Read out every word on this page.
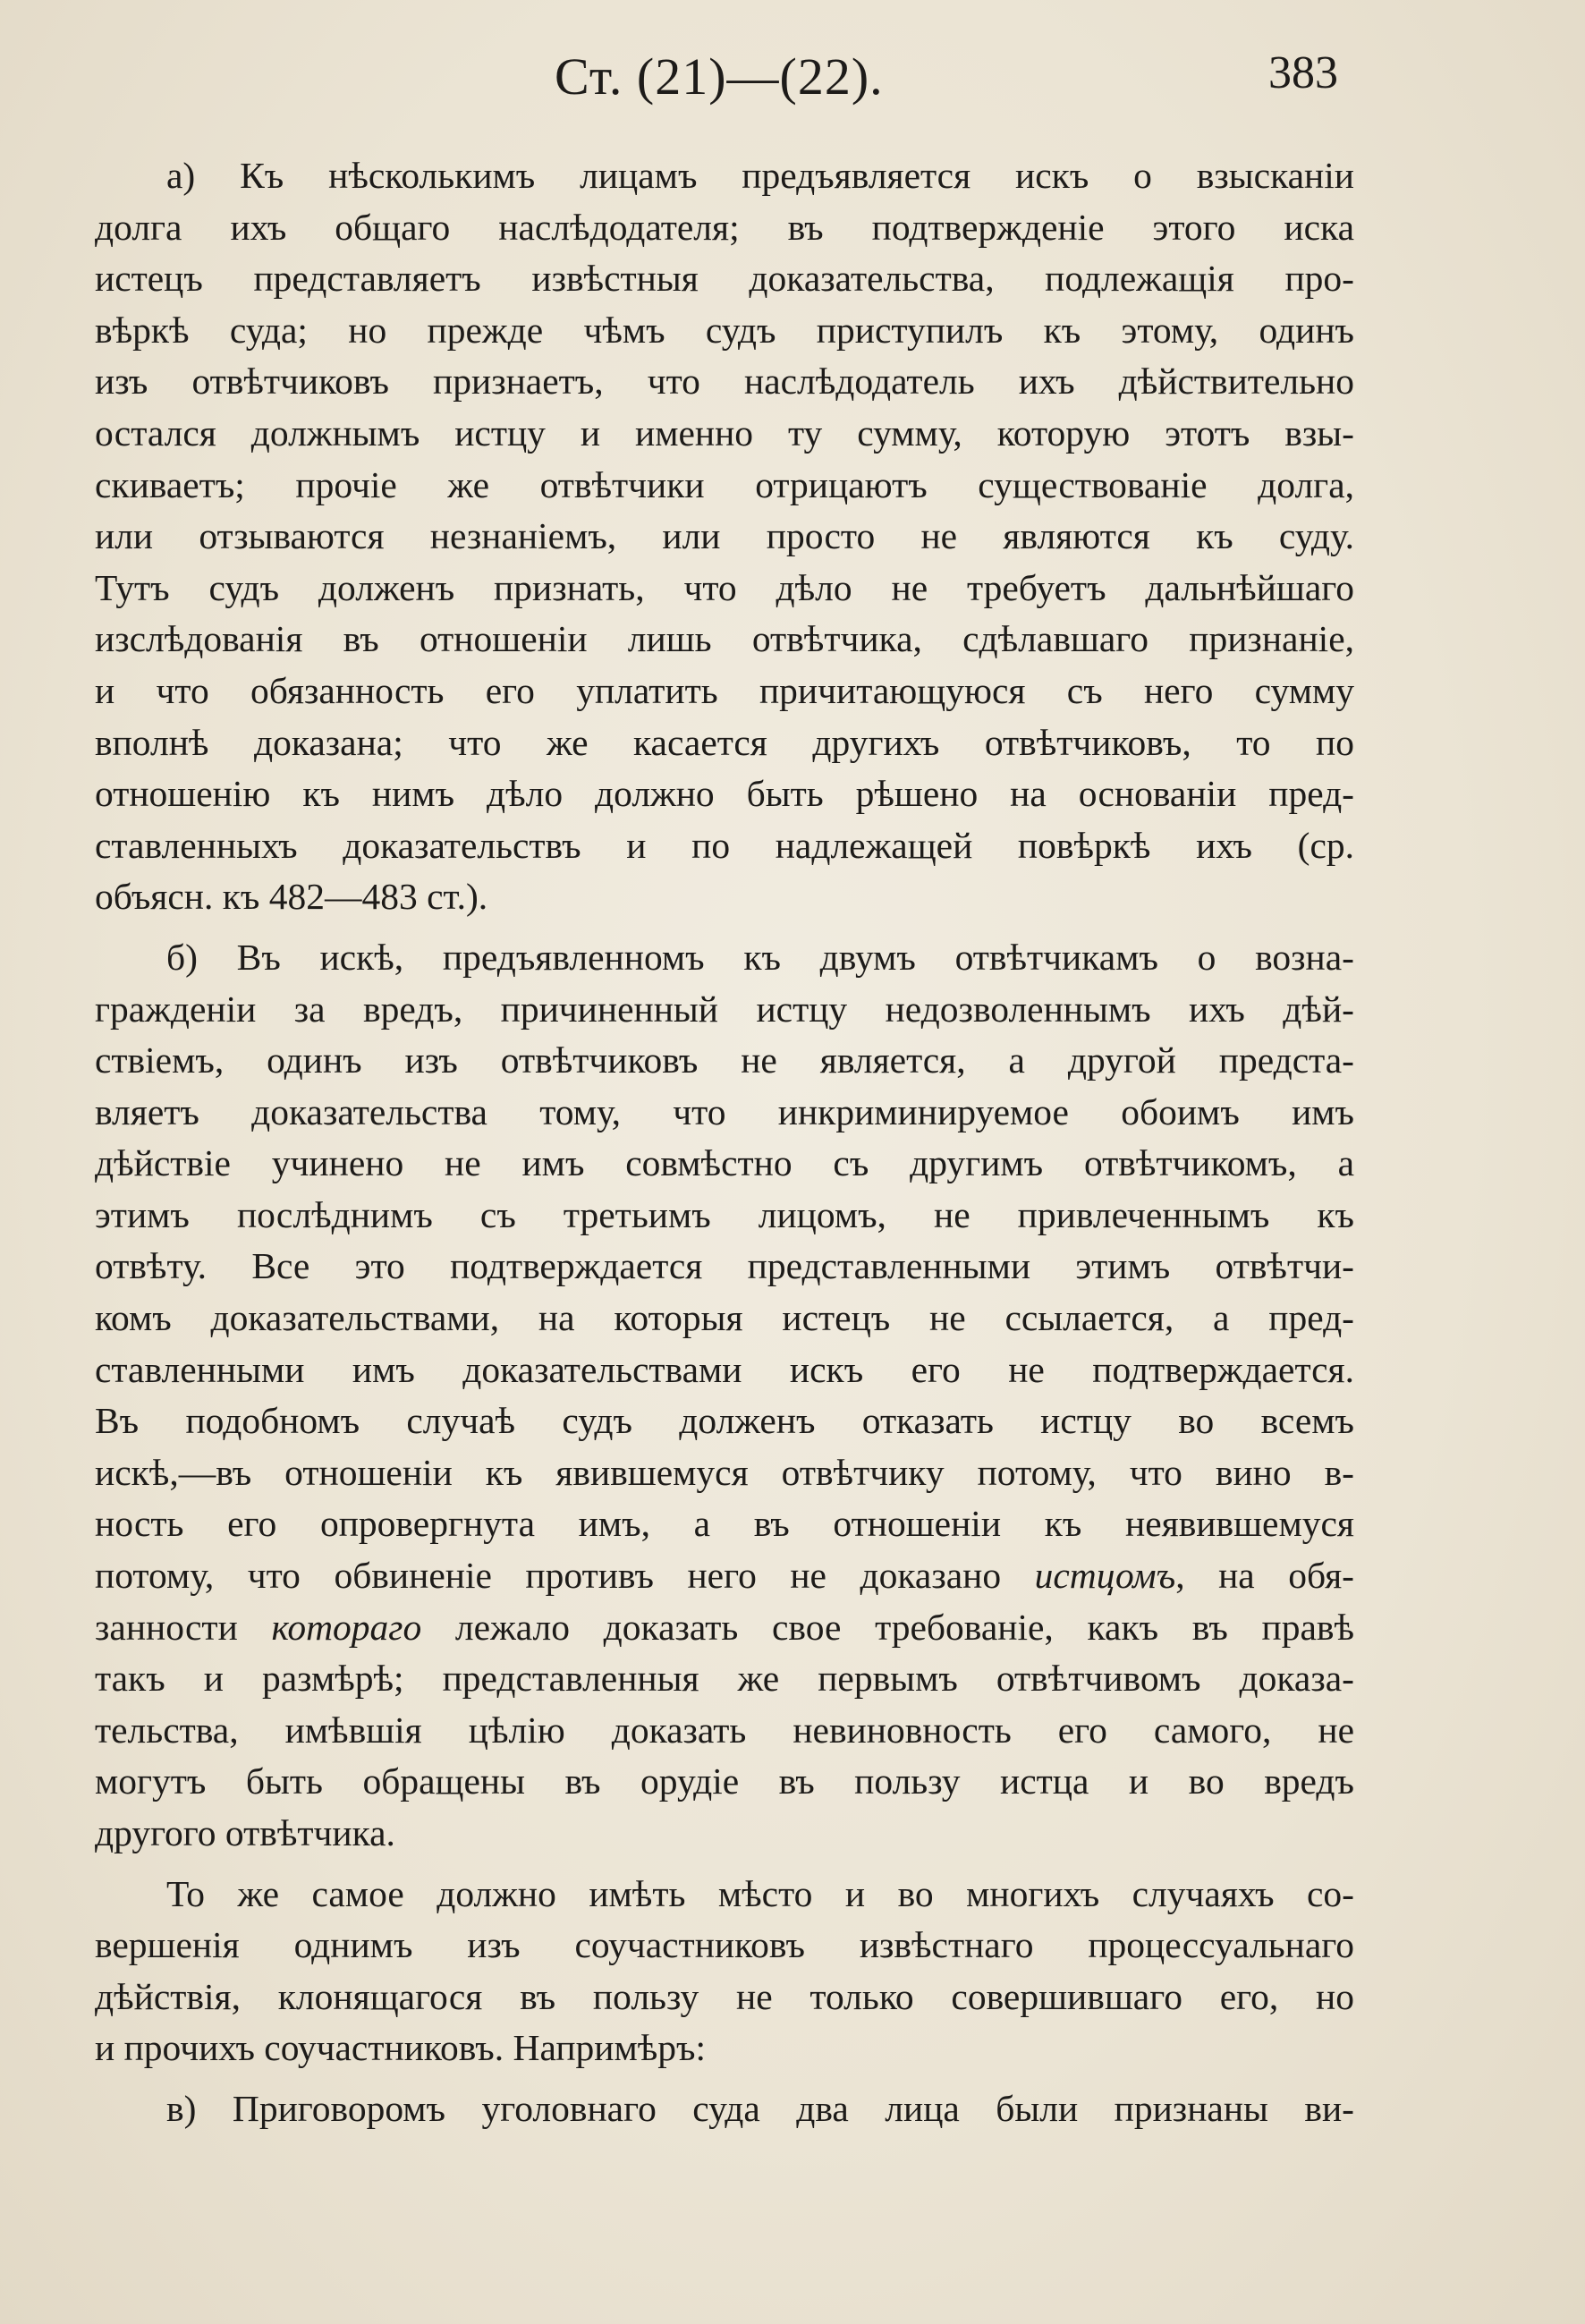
Ст. (21)—(22).	383
а) Къ нѣсколькимъ лицамъ предъявляется искъ о взысканіи
долга ихъ общаго наслѣдодателя; въ подтвержденіе этого иска
истецъ представляетъ извѣстныя доказательства, подлежащія про-
вѣркѣ суда; но прежде чѣмъ судъ приступилъ къ этому, одинъ
изъ отвѣтчиковъ признаетъ, что наслѣдодатель ихъ дѣйствительно
остался должнымъ истцу и именно ту сумму, которую этотъ взы-
скиваетъ; прочіе же отвѣтчики отрицаютъ существованіе долга,
или отзываются незнаніемъ, или просто не являются къ суду.
Тутъ судъ долженъ признать, что дѣло не требуетъ дальнѣйшаго
изслѣдованія въ отношеніи лишь отвѣтчика, сдѣлавшаго признаніе,
и что обязанность его уплатить причитающуюся съ него сумму
вполнѣ доказана; что же касается другихъ отвѣтчиковъ, то по
отношенію къ нимъ дѣло должно быть рѣшено на основаніи пред-
ставленныхъ доказательствъ и по надлежащей повѣркѣ ихъ (ср.
объясн. къ 482—483 ст.).
б) Въ искѣ, предъявленномъ къ двумъ отвѣтчикамъ о возна-
гражденіи за вредъ, причиненный истцу недозволеннымъ ихъ дѣй-
ствіемъ, одинъ изъ отвѣтчиковъ не является, а другой предста-
вляетъ доказательства тому, что инкриминируемое обоимъ имъ
дѣйствіе учинено не имъ совмѣстно съ другимъ отвѣтчикомъ, а
этимъ послѣднимъ съ третьимъ лицомъ, не привлеченнымъ къ
отвѣту. Все это подтверждается представленными этимъ отвѣтчи-
комъ доказательствами, на которыя истецъ не ссылается, а пред-
ставленными имъ доказательствами искъ его не подтверждается.
Въ подобномъ случаѣ судъ долженъ отказать истцу во всемъ
искѣ,—въ отношеніи къ явившемуся отвѣтчику потому, что вино в-
ность его опровергнута имъ, а въ отношеніи къ неявившемуся
потому, что обвиненіе противъ него не доказано истцомъ, на обя-
занности котораго лежало доказать свое требованіе, какъ въ правѣ
такъ и размѣрѣ; представленныя же первымъ отвѣтчивомъ доказа-
тельства, имѣвшія цѣлію доказать невиновность его самого, не
могутъ быть обращены въ орудіе въ пользу истца и во вредъ
другого отвѣтчика.
То же самое должно имѣть мѣсто и во многихъ случаяхъ со-
вершенія однимъ изъ соучастниковъ извѣстнаго процессуальнаго
дѣйствія, клонящагося въ пользу не только совершившаго его, но
и прочихъ соучастниковъ. Напримѣръ:
в) Приговоромъ уголовнаго суда два лица были признаны ви-
